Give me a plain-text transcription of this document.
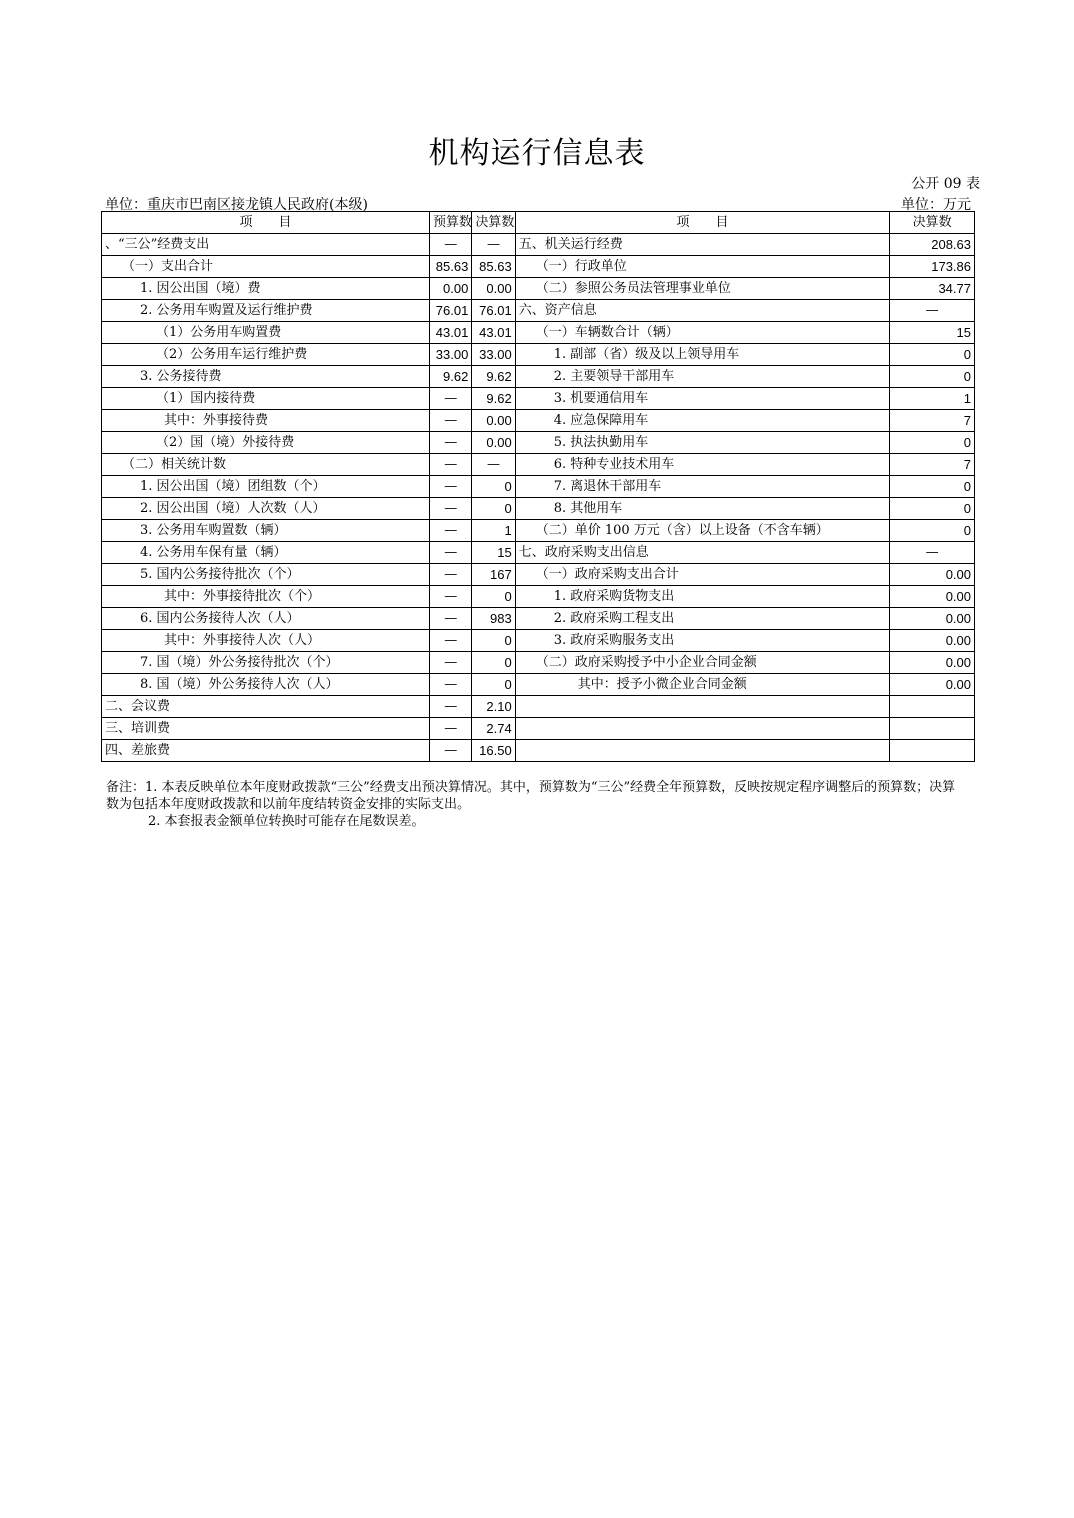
机构运行信息表
公开 09 表
单位：重庆市巴南区接龙镇人民政府(本级)	单位：万元
项　　目	预算数	决算数	项　　目	决算数
、“三公”经费支出	—	—	五、机关运行经费	208.63
（一）支出合计	85.63	85.63	（一）行政单位	173.86
1. 因公出国（境）费	0.00	0.00	（二）参照公务员法管理事业单位	34.77
2. 公务用车购置及运行维护费	76.01	76.01	六、资产信息	—
（1）公务用车购置费	43.01	43.01	（一）车辆数合计（辆）	15
（2）公务用车运行维护费	33.00	33.00	1. 副部（省）级及以上领导用车	0
3. 公务接待费	9.62	9.62	2. 主要领导干部用车	0
（1）国内接待费	—	9.62	3. 机要通信用车	1
其中：外事接待费	—	0.00	4. 应急保障用车	7
（2）国（境）外接待费	—	0.00	5. 执法执勤用车	0
（二）相关统计数	—	—	6. 特种专业技术用车	7
1. 因公出国（境）团组数（个）	—	0	7. 离退休干部用车	0
2. 因公出国（境）人次数（人）	—	0	8. 其他用车	0
3. 公务用车购置数（辆）	—	1	（二）单价 100 万元（含）以上设备（不含车辆）	0
4. 公务用车保有量（辆）	—	15	七、政府采购支出信息	—
5. 国内公务接待批次（个）	—	167	（一）政府采购支出合计	0.00
其中：外事接待批次（个）	—	0	1. 政府采购货物支出	0.00
6. 国内公务接待人次（人）	—	983	2. 政府采购工程支出	0.00
其中：外事接待人次（人）	—	0	3. 政府采购服务支出	0.00
7. 国（境）外公务接待批次（个）	—	0	（二）政府采购授予中小企业合同金额	0.00
8. 国（境）外公务接待人次（人）	—	0	其中：授予小微企业合同金额	0.00
二、会议费	—	2.10		
三、培训费	—	2.74		
四、差旅费	—	16.50		
备注：1. 本表反映单位本年度财政拨款“三公”经费支出预决算情况。其中，预算数为“三公”经费全年预算数，反映按规定程序调整后的预算数；决算数为包括本年度财政拨款和以前年度结转资金安排的实际支出。
2. 本套报表金额单位转换时可能存在尾数误差。
